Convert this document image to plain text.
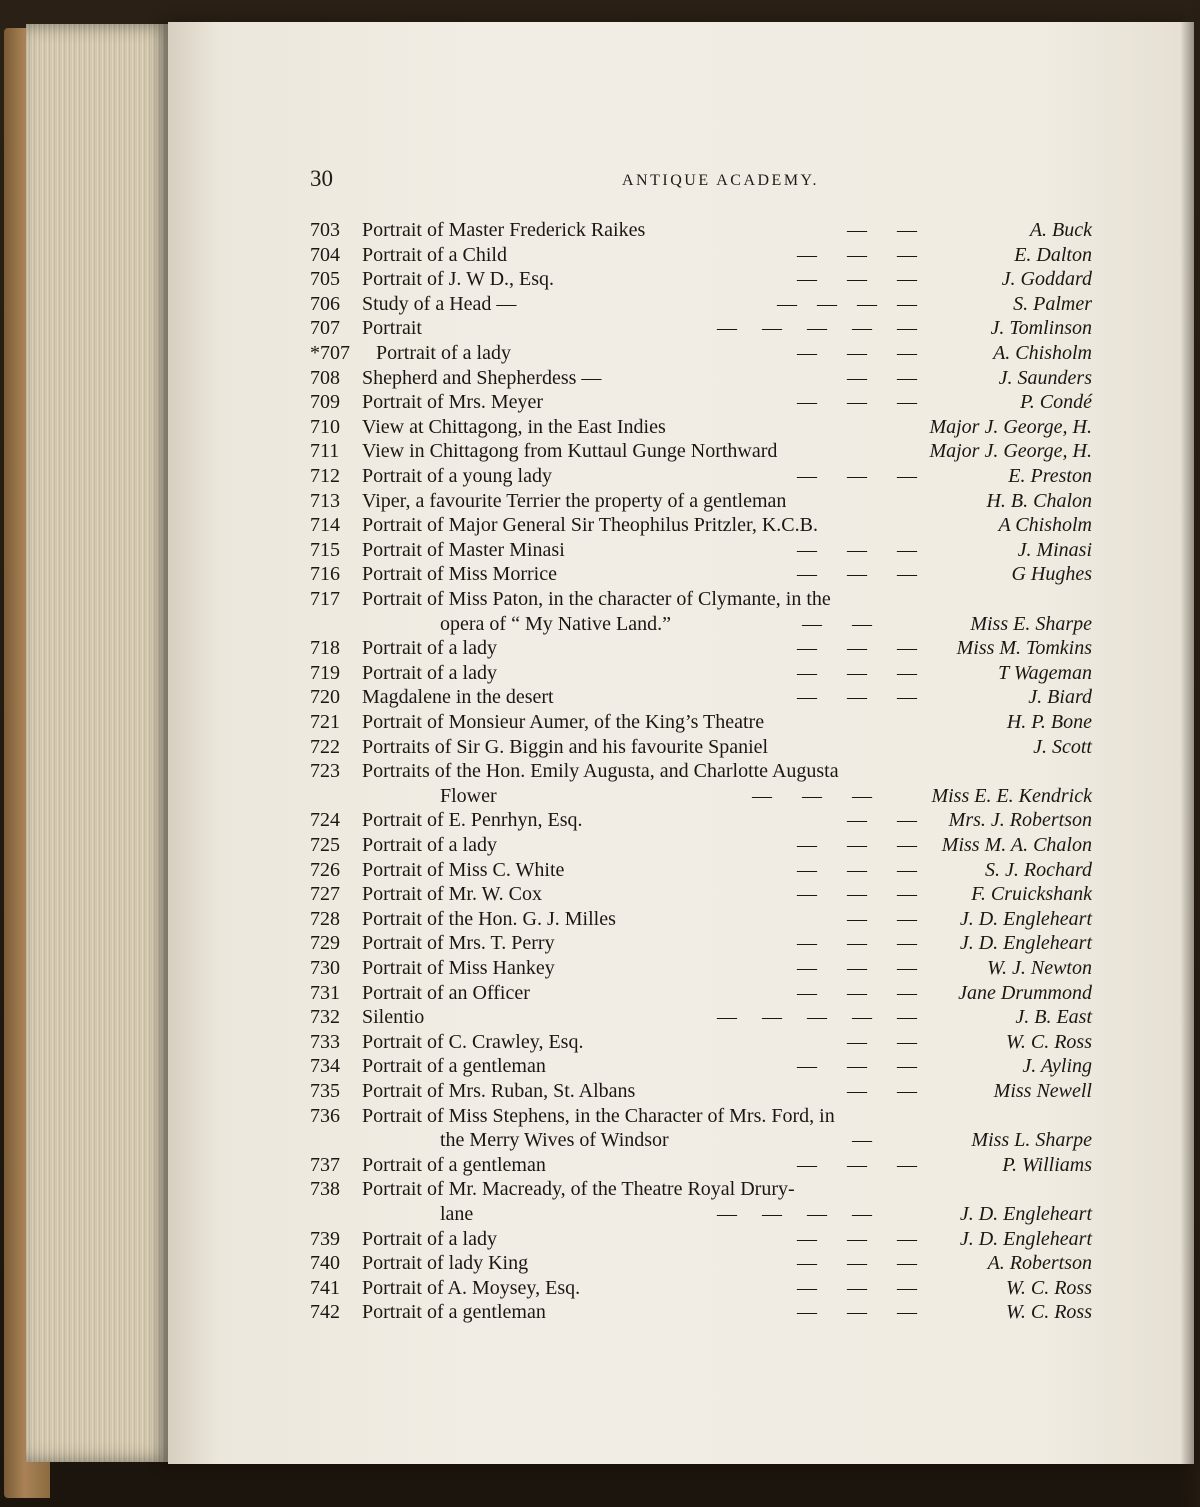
30	ANTIQUE ACADEMY.
703 Portrait of Master Frederick Raikes	—      —	A. Buck
704 Portrait of a Child	—      —      —	E. Dalton
705 Portrait of J. W D., Esq.	—      —      —	J. Goddard
706 Study of a Head —	—    —    —    —	S. Palmer
707 Portrait	—     —     —     —     —	J. Tomlinson
*707 Portrait of a lady	—      —      —	A. Chisholm
708 Shepherd and Shepherdess —	—      —	J. Saunders
709 Portrait of Mrs. Meyer	—      —      —	P. Condé
710 View at Chittagong, in the East Indies	Major J. George, H.
711 View in Chittagong from Kuttaul Gunge Northward	Major J. George, H.
712 Portrait of a young lady	—      —      —	E. Preston
713 Viper, a favourite Terrier the property of a gentleman	H. B. Chalon
714 Portrait of Major General Sir Theophilus Pritzler, K.C.B.	A Chisholm
715 Portrait of Master Minasi	—      —      —	J. Minasi
716 Portrait of Miss Morrice	—      —      —	G Hughes
717 Portrait of Miss Paton, in the character of Clymante, in the
opera of “ My Native Land.”	—      —	Miss E. Sharpe
718 Portrait of a lady	—      —      — Miss M. Tomkins
719 Portrait of a lady	—      —      —	T Wageman
720 Magdalene in the desert	—      —      —	J. Biard
721 Portrait of Monsieur Aumer, of the King’s Theatre	H. P. Bone
722 Portraits of Sir G. Biggin and his favourite Spaniel	J. Scott
723 Portraits of the Hon. Emily Augusta, and Charlotte Augusta
Flower	—      —      —	Miss E. E. Kendrick
724 Portrait of E. Penrhyn, Esq.	—      — Mrs. J. Robertson
725 Portrait of a lady	—      —      — Miss M. A. Chalon
726 Portrait of Miss C. White	—      —      —	S. J. Rochard
727 Portrait of Mr. W. Cox	—      —      —	F. Cruickshank
728 Portrait of the Hon. G. J. Milles	—      — J. D. Engleheart
729 Portrait of Mrs. T. Perry	—      —      — J. D. Engleheart
730 Portrait of Miss Hankey	—      —      —	W. J. Newton
731 Portrait of an Officer	—      —      — Jane Drummond
732 Silentio	—     —     —     —     —	J. B. East
733 Portrait of C. Crawley, Esq.	—      —	W. C. Ross
734 Portrait of a gentleman	—      —      —	J. Ayling
735 Portrait of Mrs. Ruban, St. Albans	—      —	Miss Newell
736 Portrait of Miss Stephens, in the Character of Mrs. Ford, in
the Merry Wives of Windsor	—	Miss L. Sharpe
737 Portrait of a gentleman	—      —      —	P. Williams
738 Portrait of Mr. Macready, of the Theatre Royal Drury-
lane	—     —     —     —	J. D. Engleheart
739 Portrait of a lady	—      —      — J. D. Engleheart
740 Portrait of lady King	—      —      —	A. Robertson
741 Portrait of A. Moysey, Esq.	—      —      —	W. C. Ross
742 Portrait of a gentleman	—      —      —	W. C. Ross
